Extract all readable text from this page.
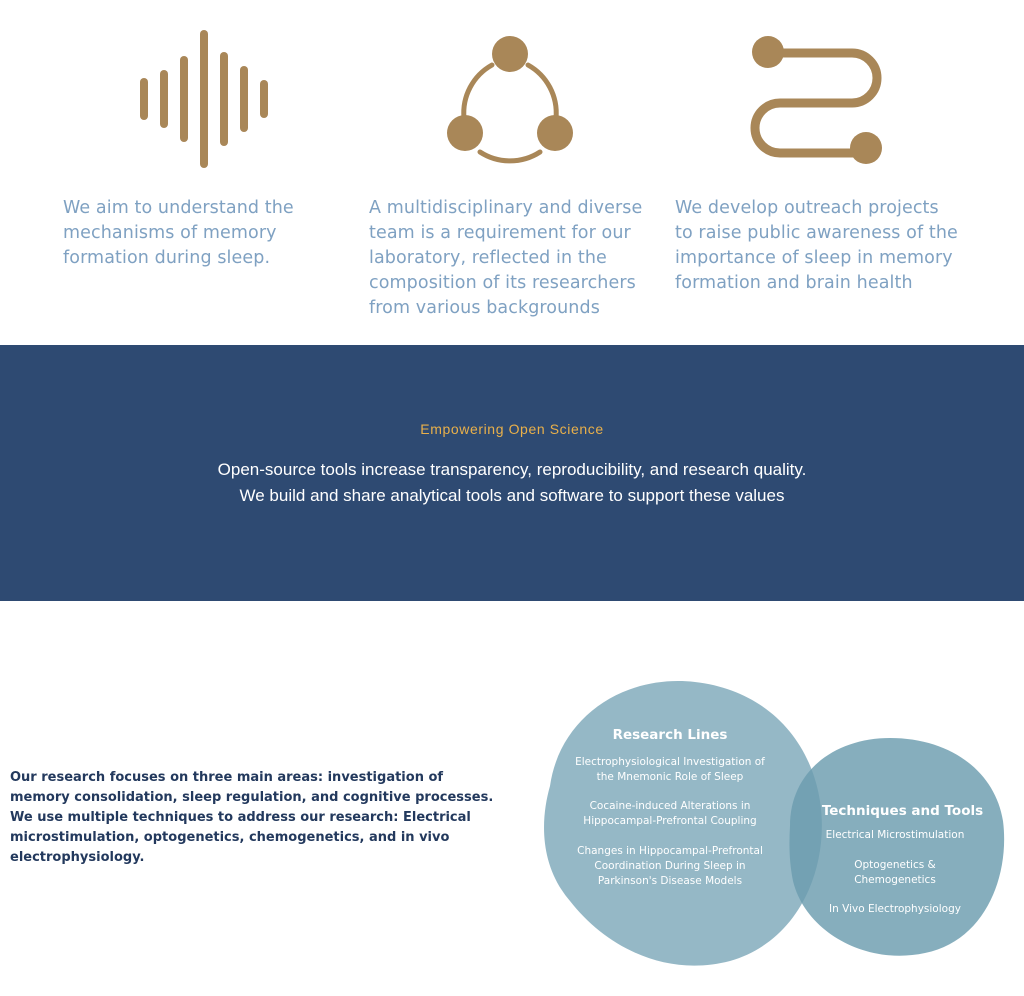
We aim to understand the mechanisms of memory formation during sleep.

A multidisciplinary and diverse team is a requirement for our laboratory, reflected in the composition of its researchers from various backgrounds

We develop outreach projects to raise public awareness of the importance of sleep in memory formation and brain health

Empowering Open Science
Open-source tools increase transparency, reproducibility, and research quality.
We build and share analytical tools and software to support these values

Our research focuses on three main areas: investigation of memory consolidation, sleep regulation, and cognitive processes. We use multiple techniques to address our research: Electrical microstimulation, optogenetics, chemogenetics, and in vivo electrophysiology.

Research Lines
Electrophysiological Investigation of the Mnemonic Role of Sleep
Cocaine-induced Alterations in Hippocampal-Prefrontal Coupling
Changes in Hippocampal-Prefrontal Coordination During Sleep in Parkinson's Disease Models
Techniques and Tools
Electrical Microstimulation
Optogenetics & Chemogenetics
In Vivo Electrophysiology
